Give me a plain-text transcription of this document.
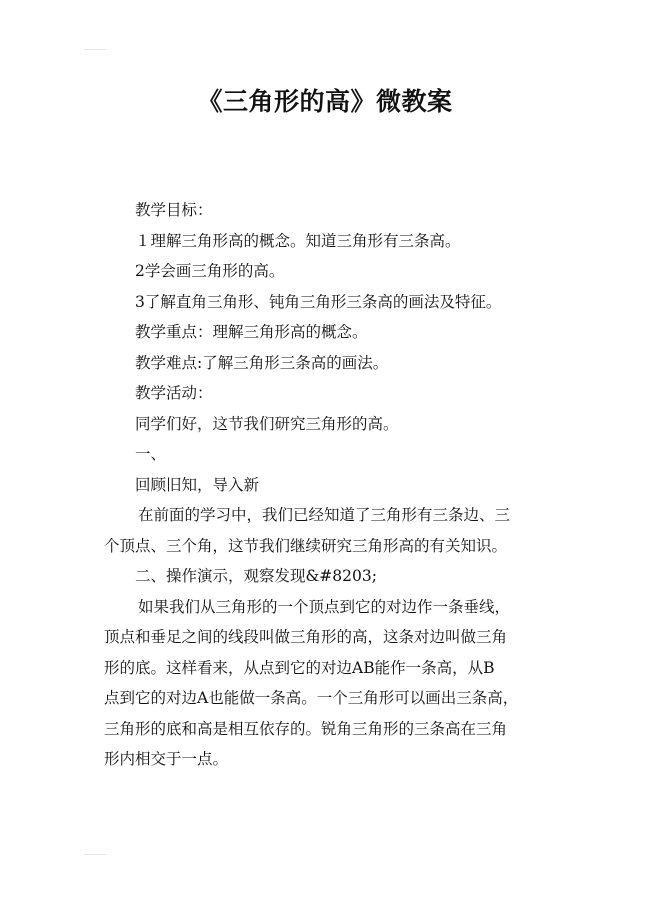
《三角形的高》微教案

教学目标：

１理解三角形高的概念。知道三角形有三条高。

2学会画三角形的高。

3了解直角三角形、钝角三角形三条高的画法及特征。

教学重点：理解三角形高的概念。

教学难点:了解三角形三条高的画法。

教学活动：

同学们好，这节我们研究三角形的高。

一、

回顾旧知，导入新

在前面的学习中，我们已经知道了三角形有三条边、三

个顶点、三个角，这节我们继续研究三角形高的有关知识。

二、操作演示，观察发现&#8203;

如果我们从三角形的一个顶点到它的对边作一条垂线，

顶点和垂足之间的线段叫做三角形的高，这条对边叫做三角

形的底。这样看来，从点到它的对边AB能作一条高，从B

点到它的对边A也能做一条高。一个三角形可以画出三条高，

三角形的底和高是相互依存的。锐角三角形的三条高在三角

形内相交于一点。
